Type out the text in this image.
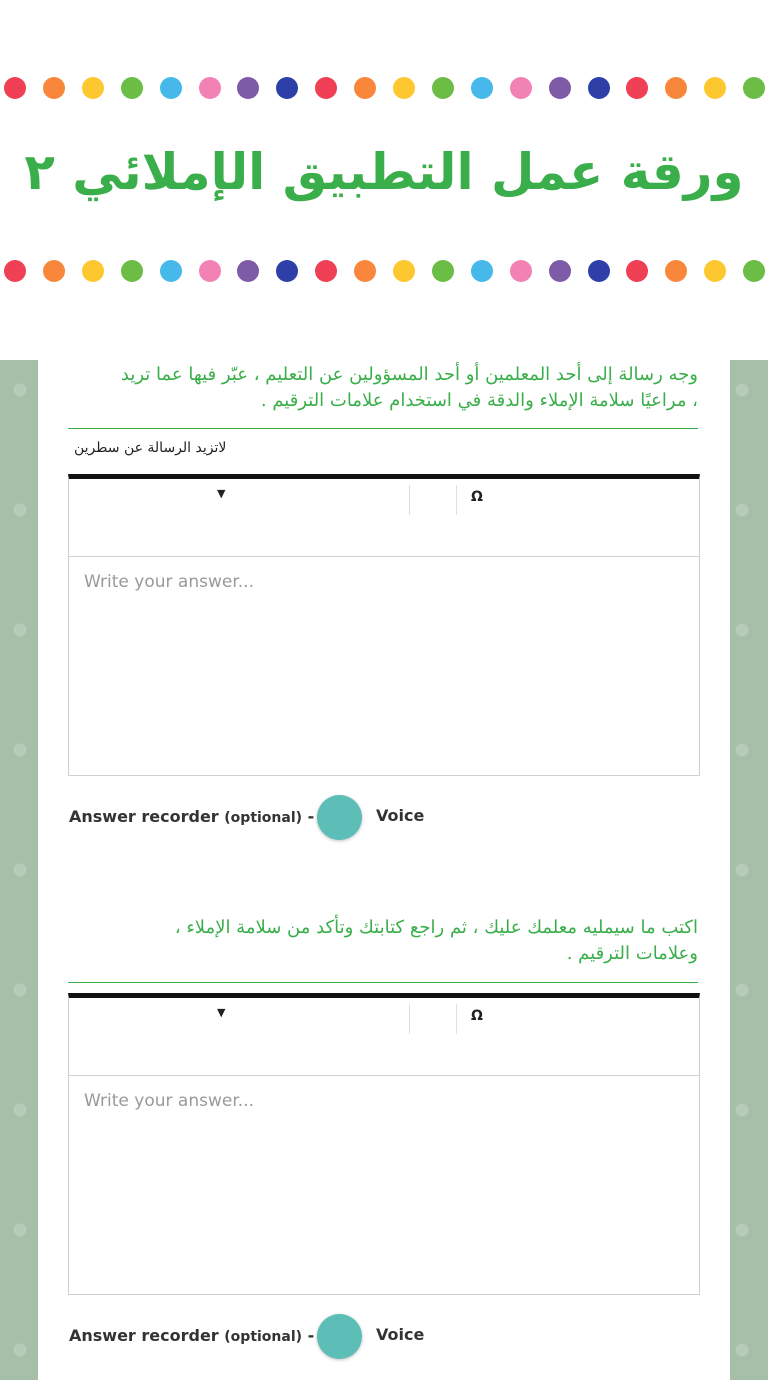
ورقة عمل التطبيق الإملائي ٢
وجه رسالة إلى أحد المعلمين أو أحد المسؤولين عن التعليم ، عبّر فيها عما تريد
، مراعيًا سلامة الإملاء والدقة في استخدام علامات الترقيم .
لاتزيد الرسالة عن سطرين
▼	Ω
Write your answer...
Answer recorder (optional) -	Voice
اكتب ما سيمليه معلمك عليك ، ثم راجع كتابتك وتأكد من سلامة الإملاء ،
وعلامات الترقيم .
▼	Ω
Write your answer...
Answer recorder (optional) -	Voice
